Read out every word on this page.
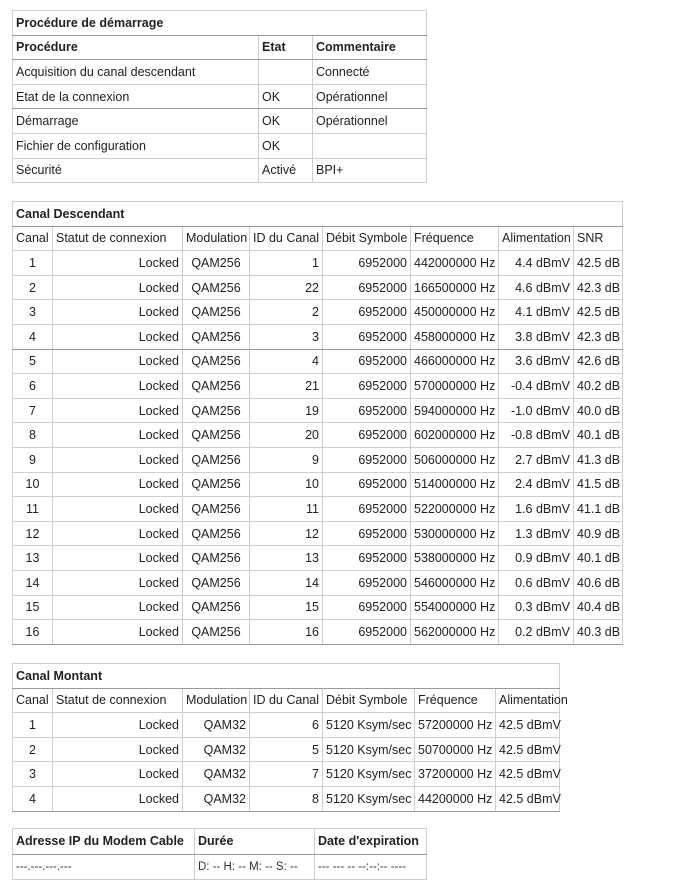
Procédure de démarrage		
Procédure	Etat	Commentaire
Acquisition du canal descendant		Connecté
Etat de la connexion	OK	Opérationnel
Démarrage	OK	Opérationnel
Fichier de configuration	OK	
Sécurité	Activé	BPI+
Canal Descendant							
Canal	Statut de connexion	Modulation	ID du Canal	Débit Symbole	Fréquence	Alimentation	SNR
1	Locked	QAM256	1	6952000	442000000 Hz	4.4 dBmV	42.5 dB
2	Locked	QAM256	22	6952000	166500000 Hz	4.6 dBmV	42.3 dB
3	Locked	QAM256	2	6952000	450000000 Hz	4.1 dBmV	42.5 dB
4	Locked	QAM256	3	6952000	458000000 Hz	3.8 dBmV	42.3 dB
5	Locked	QAM256	4	6952000	466000000 Hz	3.6 dBmV	42.6 dB
6	Locked	QAM256	21	6952000	570000000 Hz	-0.4 dBmV	40.2 dB
7	Locked	QAM256	19	6952000	594000000 Hz	-1.0 dBmV	40.0 dB
8	Locked	QAM256	20	6952000	602000000 Hz	-0.8 dBmV	40.1 dB
9	Locked	QAM256	9	6952000	506000000 Hz	2.7 dBmV	41.3 dB
10	Locked	QAM256	10	6952000	514000000 Hz	2.4 dBmV	41.5 dB
11	Locked	QAM256	11	6952000	522000000 Hz	1.6 dBmV	41.1 dB
12	Locked	QAM256	12	6952000	530000000 Hz	1.3 dBmV	40.9 dB
13	Locked	QAM256	13	6952000	538000000 Hz	0.9 dBmV	40.1 dB
14	Locked	QAM256	14	6952000	546000000 Hz	0.6 dBmV	40.6 dB
15	Locked	QAM256	15	6952000	554000000 Hz	0.3 dBmV	40.4 dB
16	Locked	QAM256	16	6952000	562000000 Hz	0.2 dBmV	40.3 dB
Canal Montant						
Canal	Statut de connexion	Modulation	ID du Canal	Débit Symbole	Fréquence	Alimentation
1	Locked	QAM32	6	5120 Ksym/sec	57200000 Hz	42.5 dBmV
2	Locked	QAM32	5	5120 Ksym/sec	50700000 Hz	42.5 dBmV
3	Locked	QAM32	7	5120 Ksym/sec	37200000 Hz	42.5 dBmV
4	Locked	QAM32	8	5120 Ksym/sec	44200000 Hz	42.5 dBmV
Adresse IP du Modem Cable	Durée	Date d'expiration
---.---.---.---	D: -- H: -- M: -- S: --	--- --- -- --:--:-- ----
